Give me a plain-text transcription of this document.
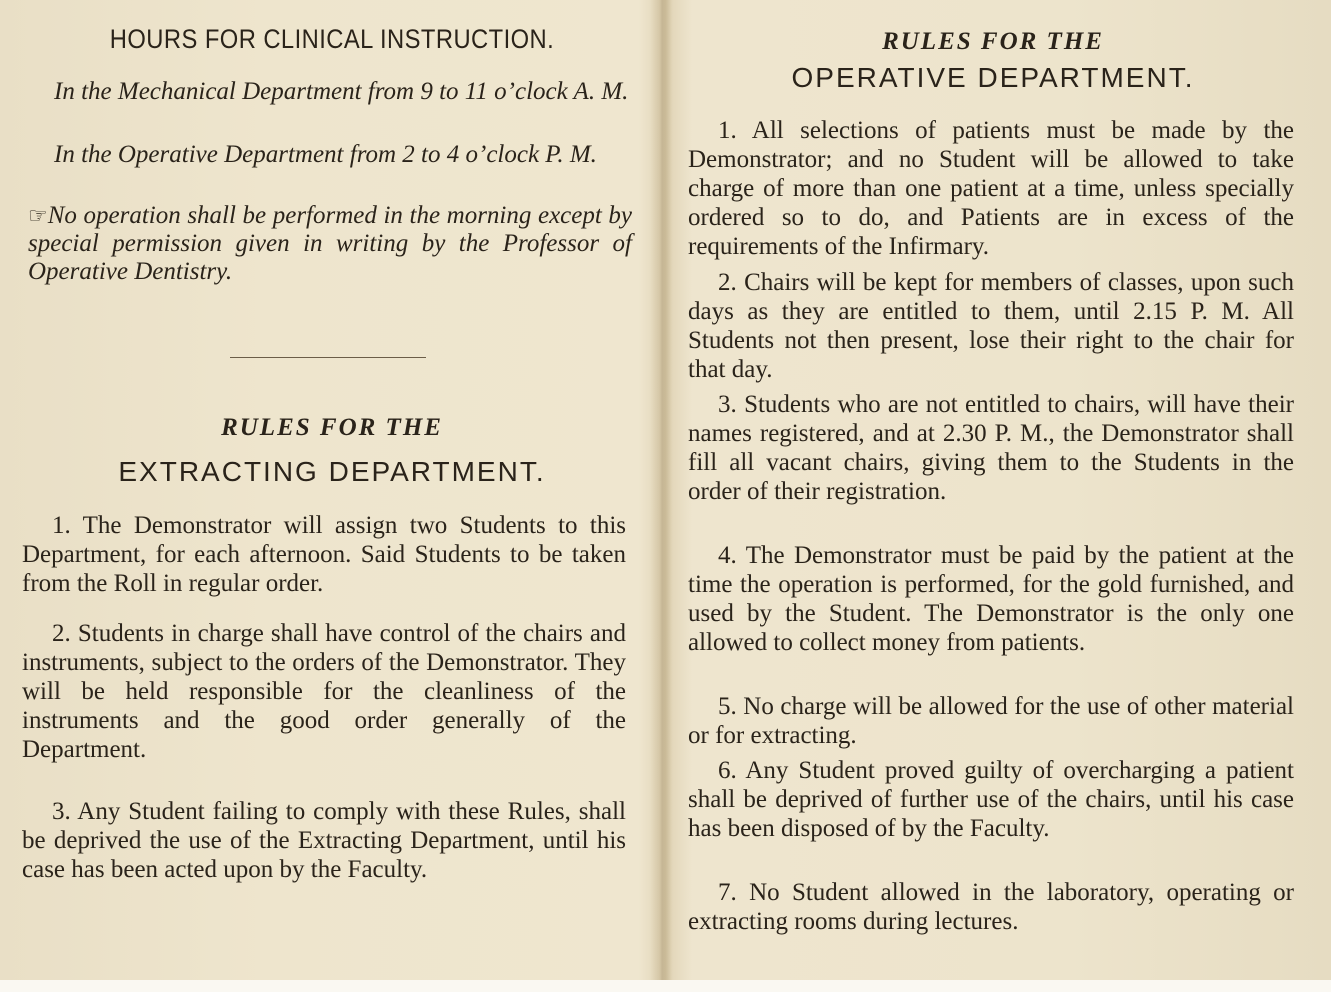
HOURS FOR CLINICAL INSTRUCTION.

In the Mechanical Department from 9 to 11 o’clock A. M.

In the Operative Department from 2 to 4 o’clock P. M.

☞No operation shall be performed in the morning except by special permission given in writing by the Professor of Operative Dentistry.

RULES FOR THE
EXTRACTING DEPARTMENT.

1. The Demonstrator will assign two Students to this Department, for each afternoon. Said Students to be taken from the Roll in regular order.

2. Students in charge shall have control of the chairs and instruments, subject to the orders of the Demonstrator. They will be held responsible for the cleanliness of the instruments and the good order generally of the Department.

3. Any Student failing to comply with these Rules, shall be deprived the use of the Extracting Department, until his case has been acted upon by the Faculty.

RULES FOR THE
OPERATIVE DEPARTMENT.

1. All selections of patients must be made by the Demonstrator; and no Student will be allowed to take charge of more than one patient at a time, unless specially ordered so to do, and Patients are in excess of the requirements of the Infirmary.

2. Chairs will be kept for members of classes, upon such days as they are entitled to them, until 2.15 P. M. All Students not then present, lose their right to the chair for that day.

3. Students who are not entitled to chairs, will have their names registered, and at 2.30 P. M., the Demonstrator shall fill all vacant chairs, giving them to the Students in the order of their registration.

4. The Demonstrator must be paid by the patient at the time the operation is performed, for the gold furnished, and used by the Student. The Demonstrator is the only one allowed to collect money from patients.

5. No charge will be allowed for the use of other material or for extracting.

6. Any Student proved guilty of overcharging a patient shall be deprived of further use of the chairs, until his case has been disposed of by the Faculty.

7. No Student allowed in the laboratory, operating or extracting rooms during lectures.
